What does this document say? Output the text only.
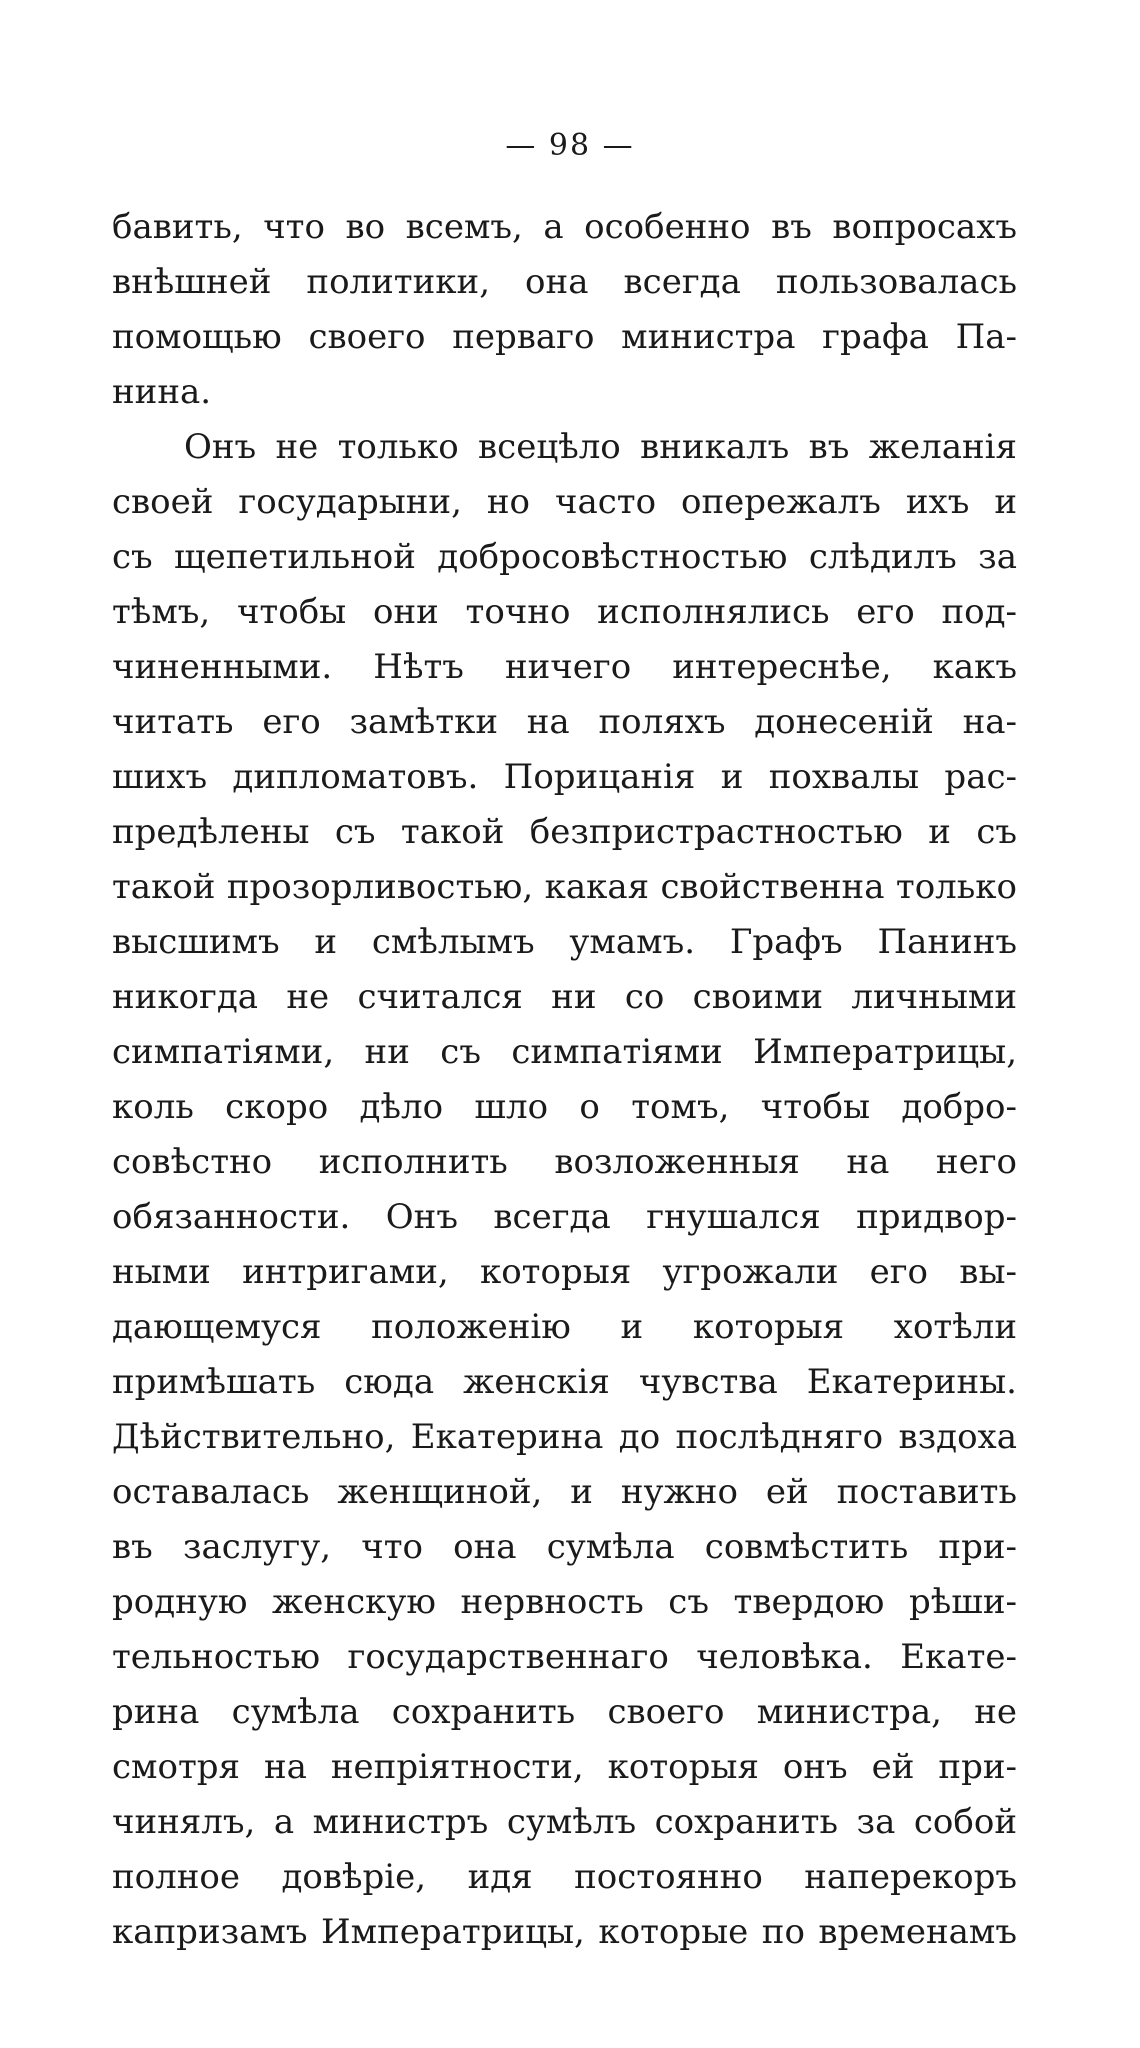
— 98 —
бавить, что во всемъ, а особенно въ вопросахъ
внѣшней политики, она всегда пользовалась
помощью своего перваго министра графа Па-
нина.
Онъ не только всецѣло вникалъ въ желанія
своей государыни, но часто опережалъ ихъ и
съ щепетильной добросовѣстностью слѣдилъ за
тѣмъ, чтобы они точно исполнялись его под-
чиненными. Нѣтъ ничего интереснѣе, какъ
читать его замѣтки на поляхъ донесеній на-
шихъ дипломатовъ. Порицанія и похвалы рас-
предѣлены съ такой безпристрастностью и съ
такой прозорливостью, какая свойственна только
высшимъ и смѣлымъ умамъ. Графъ Панинъ
никогда не считался ни со своими личными
симпатіями, ни съ симпатіями Императрицы,
коль скоро дѣло шло о томъ, чтобы добро-
совѣстно исполнить возложенныя на него
обязанности. Онъ всегда гнушался придвор-
ными интригами, которыя угрожали его вы-
дающемуся положенію и которыя хотѣли
примѣшать сюда женскія чувства Екатерины.
Дѣйствительно, Екатерина до послѣдняго вздоха
оставалась женщиной, и нужно ей поставить
въ заслугу, что она сумѣла совмѣстить при-
родную женскую нервность съ твердою рѣши-
тельностью государственнаго человѣка. Екате-
рина сумѣла сохранить своего министра, не
смотря на непріятности, которыя онъ ей при-
чинялъ, а министръ сумѣлъ сохранить за собой
полное довѣріе, идя постоянно наперекоръ
капризамъ Императрицы, которые по временамъ
